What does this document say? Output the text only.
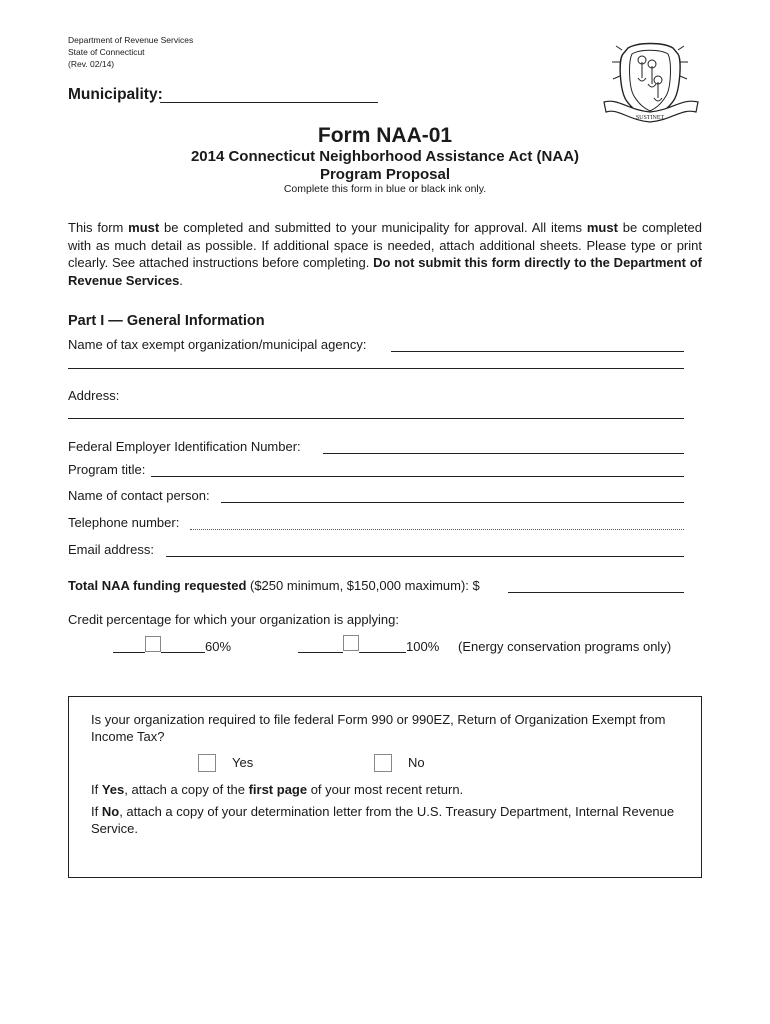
Department of Revenue Services
State of Connecticut
(Rev. 02/14)
Municipality:
SUSTINET
Form NAA-01
2014 Connecticut Neighborhood Assistance Act (NAA)
Program Proposal
Complete this form in blue or black ink only.
This form must be completed and submitted to your municipality for approval. All items must be completed with as much detail as possible. If additional space is needed, attach additional sheets. Please type or print clearly. See attached instructions before completing. Do not submit this form directly to the Department of Revenue Services.
Part I — General Information
Name of tax exempt organization/municipal agency:
Address:
Federal Employer Identification Number:
Program title:
Name of contact person:
Telephone number:
Email address:
Total NAA funding requested ($250 minimum, $150,000 maximum): $
Credit percentage for which your organization is applying:
60%	100% (Energy conservation programs only)
Is your organization required to file federal Form 990 or 990EZ, Return of Organization Exempt from Income Tax?
Yes	No
If Yes, attach a copy of the first page of your most recent return.
If No, attach a copy of your determination letter from the U.S. Treasury Department, Internal Revenue Service.
